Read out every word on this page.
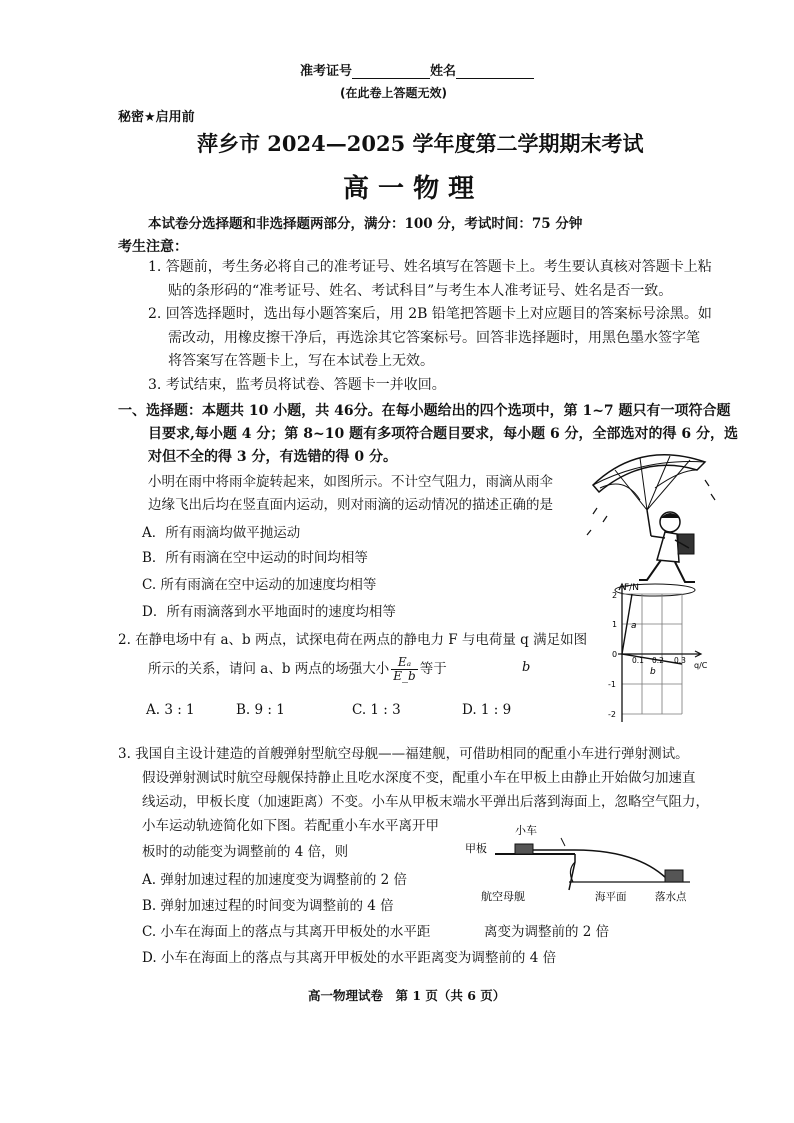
准考证号	姓名
(在此卷上答题无效)
秘密★启用前
萍乡市 2024—2025 学年度第二学期期末考试
高 一 物 理
本试卷分选择题和非选择题两部分，满分：100 分，考试时间：75 分钟
考生注意：
1. 答题前，考生务必将自己的准考证号、姓名填写在答题卡上。考生要认真核对答题卡上粘
贴的条形码的“准考证号、姓名、考试科目”与考生本人准考证号、姓名是否一致。
2. 回答选择题时，选出每小题答案后，用 2B 铅笔把答题卡上对应题目的答案标号涂黑。如
需改动，用橡皮擦干净后，再选涂其它答案标号。回答非选择题时，用黑色墨水签字笔
将答案写在答题卡上，写在本试卷上无效。
3. 考试结束，监考员将试卷、答题卡一并收回。
一、选择题：本题共 10 小题，共 46分。在每小题给出的四个选项中，第 1~7 题只有一项符合题
目要求,每小题 4 分；第 8~10 题有多项符合题目要求，每小题 6 分，全部选对的得 6 分，选
对但不全的得 3 分，有选错的得 0 分。
小明在雨中将雨伞旋转起来，如图所示。不计空气阻力，雨滴从雨伞
边缘飞出后均在竖直面内运动，则对雨滴的运动情况的描述正确的是
A．所有雨滴均做平抛运动
B．所有雨滴在空中运动的时间均相等
C. 所有雨滴在空中运动的加速度均相等
D．所有雨滴落到水平地面时的速度均相等
2. 在静电场中有 a、b 两点，试探电荷在两点的静电力 F 与电荷量 q 满足如图
所示的关系，请问 a、b 两点的场强大小 $\frac{\text{Eₐ}}{E\_b}$ 等于	b
A. 3 : 1	B. 9 : 1	C. 1 : 3	D. 1 : 9
F/N
q/C
2
1
0
-1
-2
0.1 0.2 0.3
a
b
3. 我国自主设计建造的首艘弹射型航空母舰——福建舰，可借助相同的配重小车进行弹射测试。
假设弹射测试时航空母舰保持静止且吃水深度不变，配重小车在甲板上由静止开始做匀加速直
线运动，甲板长度（加速距离）不变。小车从甲板末端水平弹出后落到海面上，忽略空气阻力，
小车运动轨迹简化如下图。若配重小车水平离开甲
板时的动能变为调整前的 4 倍，则
A. 弹射加速过程的加速度变为调整前的 2 倍
B. 弹射加速过程的时间变为调整前的 4 倍
C. 小车在海面上的落点与其离开甲板处的水平距	离变为调整前的 2 倍
D. 小车在海面上的落点与其离开甲板处的水平距离变为调整前的 4 倍
小车
甲板
航空母舰	海平面	落水点
高一物理试卷　第 1 页（共 6 页）
